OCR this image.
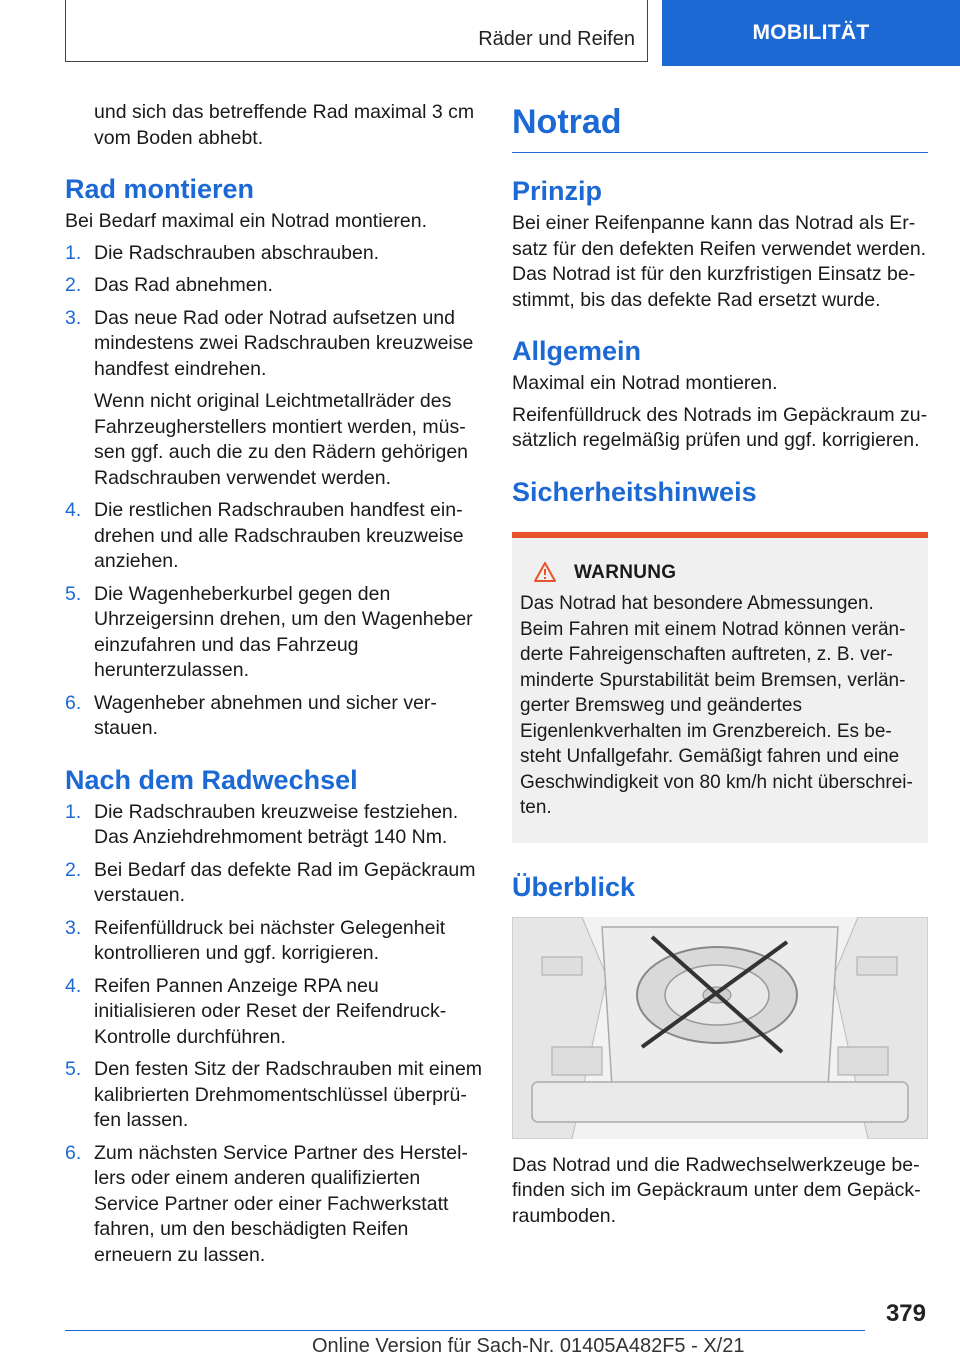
Räder und Reifen	MOBILITÄT

und sich das betreffende Rad maximal 3 cm vom Boden abhebt.

Rad montieren

Bei Bedarf maximal ein Notrad montieren.

1. Die Radschrauben abschrauben.
2. Das Rad abnehmen.
3. Das neue Rad oder Notrad aufsetzen und mindestens zwei Radschrauben kreuzweise handfest eindrehen.
Wenn nicht original Leichtmetallräder des Fahrzeugherstellers montiert werden, müssen ggf. auch die zu den Rädern gehörigen Radschrauben verwendet werden.
4. Die restlichen Radschrauben handfest eindrehen und alle Radschrauben kreuzweise anziehen.
5. Die Wagenheberkurbel gegen den Uhrzeigersinn drehen, um den Wagenheber einzufahren und das Fahrzeug herunterzulassen.
6. Wagenheber abnehmen und sicher verstauen.
Nach dem Radwechsel
1. Die Radschrauben kreuzweise festziehen. Das Anziehdrehmoment beträgt 140 Nm.
2. Bei Bedarf das defekte Rad im Gepäckraum verstauen.
3. Reifenfülldruck bei nächster Gelegenheit kontrollieren und ggf. korrigieren.
4. Reifen Pannen Anzeige RPA neu initialisieren oder Reset der Reifendruck-Kontrolle durchführen.
5. Den festen Sitz der Radschrauben mit einem kalibrierten Drehmomentschlüssel überprüfen lassen.
6. Zum nächsten Service Partner des Herstellers oder einem anderen qualifizierten Service Partner oder einer Fachwerkstatt fahren, um den beschädigten Reifen erneuern zu lassen.
Notrad
Prinzip

Bei einer Reifenpanne kann das Notrad als Ersatz für den defekten Reifen verwendet werden. Das Notrad ist für den kurzfristigen Einsatz bestimmt, bis das defekte Rad ersetzt wurde.

Allgemein

Maximal ein Notrad montieren.

Reifenfülldruck des Notrads im Gepäckraum zusätzlich regelmäßig prüfen und ggf. korrigieren.

Sicherheitshinweis
WARNUNG
Das Notrad hat besondere Abmessungen. Beim Fahren mit einem Notrad können veränderte Fahreigenschaften auftreten, z. B. verminderte Spurstabilität beim Bremsen, verlängerter Bremsweg und geändertes Eigenlenkverhalten im Grenzbereich. Es besteht Unfallgefahr. Gemäßigt fahren und eine Geschwindigkeit von 80 km/h nicht überschreiten.
Überblick

Das Notrad und die Radwechselwerkzeuge befinden sich im Gepäckraum unter dem Gepäckraumboden.

379
Online Version für Sach-Nr. 01405A482F5 - X/21
